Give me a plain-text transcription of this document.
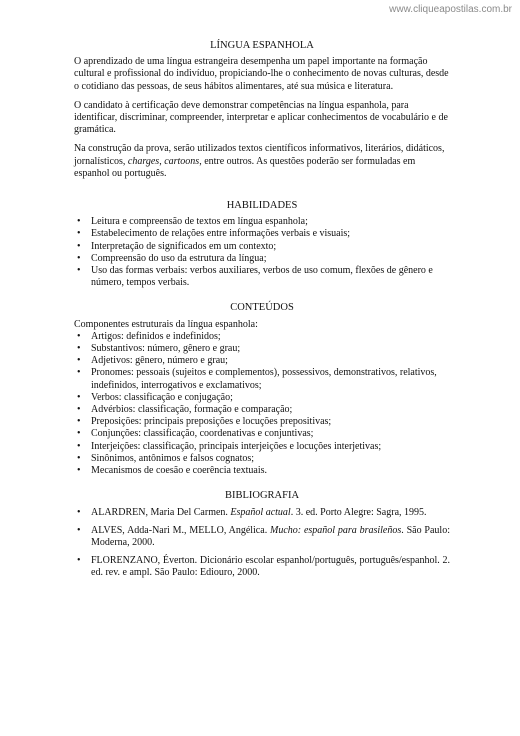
www.cliqueapostilas.com.br
LÍNGUA ESPANHOLA

O aprendizado de uma língua estrangeira desempenha um papel importante na formação cultural e profissional do indivíduo, propiciando-lhe o conhecimento de novas culturas, desde o cotidiano das pessoas, de seus hábitos alimentares, até sua música e literatura.

O candidato à certificação deve demonstrar competências na língua espanhola, para identificar, discriminar, compreender, interpretar e aplicar conhecimentos de vocabulário e de gramática.

Na construção da prova, serão utilizados textos científicos informativos, literários, didáticos, jornalísticos, charges, cartoons, entre outros. As questões poderão ser formuladas em espanhol ou português.

HABILIDADES
• Leitura e compreensão de textos em língua espanhola;
• Estabelecimento de relações entre informações verbais e visuais;
• Interpretação de significados em um contexto;
• Compreensão do uso da estrutura da língua;
• Uso das formas verbais: verbos auxiliares, verbos de uso comum, flexões de gênero e número, tempos verbais.
CONTEÚDOS
Componentes estruturais da língua espanhola:
• Artigos: definidos e indefinidos;
• Substantivos: número, gênero e grau;
• Adjetivos: gênero, número e grau;
• Pronomes: pessoais (sujeitos e complementos), possessivos, demonstrativos, relativos, indefinidos, interrogativos e exclamativos;
• Verbos: classificação e conjugação;
• Advérbios: classificação, formação e comparação;
• Preposições: principais preposições e locuções prepositivas;
• Conjunções: classificação, coordenativas e conjuntivas;
• Interjeições: classificação, principais interjeições e locuções interjetivas;
• Sinônimos, antônimos e falsos cognatos;
• Mecanismos de coesão e coerência textuais.
BIBLIOGRAFIA
• ALARDREN, Maria Del Carmen. Español actual. 3. ed. Porto Alegre: Sagra, 1995.
• ALVES, Adda-Nari M., MELLO, Angélica. Mucho: español para brasileños. São Paulo: Moderna, 2000.
• FLORENZANO, Éverton. Dicionário escolar espanhol/português, português/espanhol. 2. ed. rev. e ampl. São Paulo: Ediouro, 2000.
